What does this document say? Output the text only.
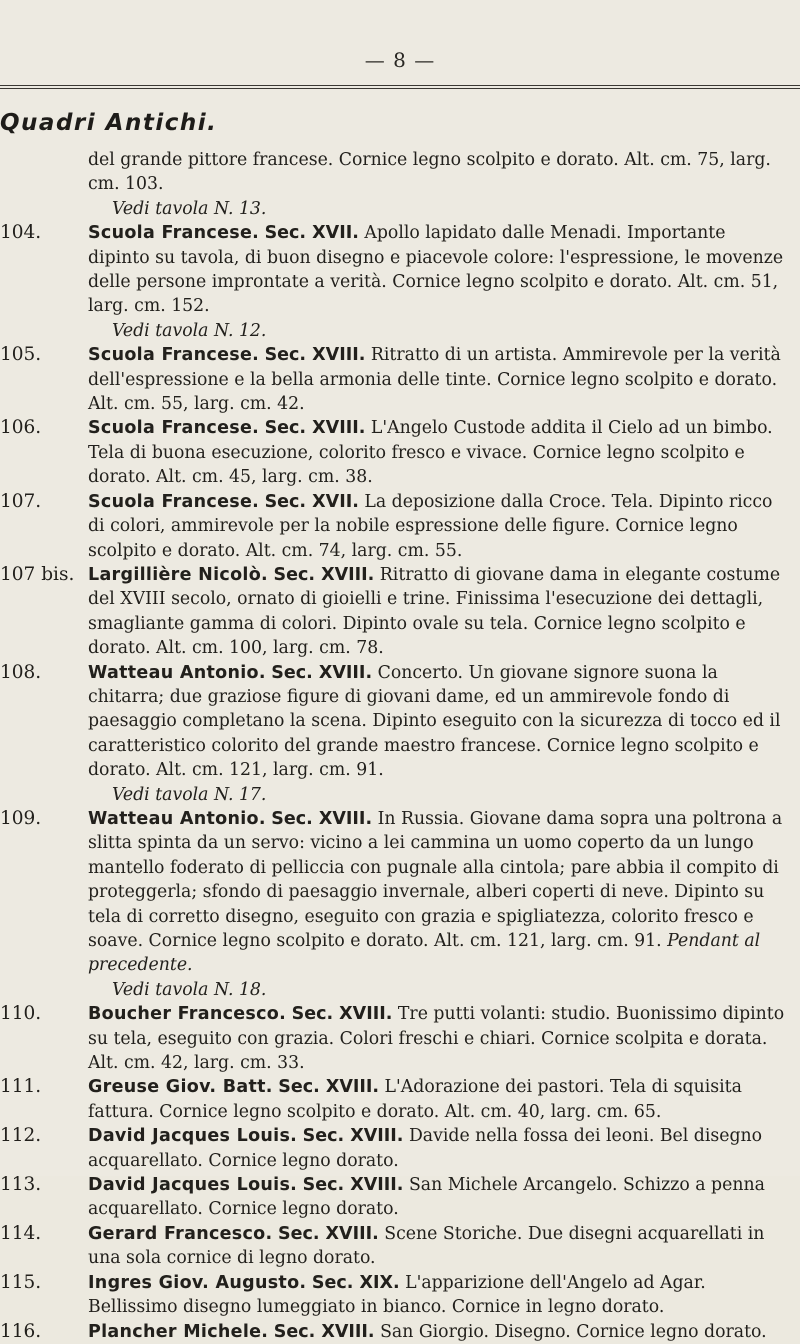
— 8 —
Quadri Antichi.
del grande pittore francese. Cornice legno scolpito e dorato. Alt. cm. 75, larg. cm. 103.
Vedi tavola N. 13.
104.	Scuola Francese. Sec. XVII. Apollo lapidato dalle Menadi. Importante dipinto su tavola, di buon disegno e piacevole colore: l'espressione, le movenze delle persone improntate a verità. Cornice legno scolpito e dorato. Alt. cm. 51, larg. cm. 152.
Vedi tavola N. 12.
105.	Scuola Francese. Sec. XVIII. Ritratto di un artista. Ammirevole per la verità dell'espressione e la bella armonia delle tinte. Cornice legno scolpito e dorato. Alt. cm. 55, larg. cm. 42.
106.	Scuola Francese. Sec. XVIII. L'Angelo Custode addita il Cielo ad un bimbo. Tela di buona esecuzione, colorito fresco e vivace. Cornice legno scolpito e dorato. Alt. cm. 45, larg. cm. 38.
107.	Scuola Francese. Sec. XVII. La deposizione dalla Croce. Tela. Dipinto ricco di colori, ammirevole per la nobile espressione delle figure. Cornice legno scolpito e dorato. Alt. cm. 74, larg. cm. 55.
107 bis. Largillière Nicolò. Sec. XVIII. Ritratto di giovane dama in elegante costume del XVIII secolo, ornato di gioielli e trine. Finissima l'esecuzione dei dettagli, smagliante gamma di colori. Dipinto ovale su tela. Cornice legno scolpito e dorato. Alt. cm. 100, larg. cm. 78.
108.	Watteau Antonio. Sec. XVIII. Concerto. Un giovane signore suona la chitarra; due graziose figure di giovani dame, ed un ammirevole fondo di paesaggio completano la scena. Dipinto eseguito con la sicurezza di tocco ed il caratteristico colorito del grande maestro francese. Cornice legno scolpito e dorato. Alt. cm. 121, larg. cm. 91.
Vedi tavola N. 17.
109.	Watteau Antonio. Sec. XVIII. In Russia. Giovane dama sopra una poltrona a slitta spinta da un servo: vicino a lei cammina un uomo coperto da un lungo mantello foderato di pelliccia con pugnale alla cintola; pare abbia il compito di proteggerla; sfondo di paesaggio invernale, alberi coperti di neve. Dipinto su tela di corretto disegno, eseguito con grazia e spigliatezza, colorito fresco e soave. Cornice legno scolpito e dorato. Alt. cm. 121, larg. cm. 91. Pendant al precedente.
Vedi tavola N. 18.
110.	Boucher Francesco. Sec. XVIII. Tre putti volanti: studio. Buonissimo dipinto su tela, eseguito con grazia. Colori freschi e chiari. Cornice scolpita e dorata. Alt. cm. 42, larg. cm. 33.
111.	Greuse Giov. Batt. Sec. XVIII. L'Adorazione dei pastori. Tela di squisita fattura. Cornice legno scolpito e dorato. Alt. cm. 40, larg. cm. 65.
112.	David Jacques Louis. Sec. XVIII. Davide nella fossa dei leoni. Bel disegno acquarellato. Cornice legno dorato.
113.	David Jacques Louis. Sec. XVIII. San Michele Arcangelo. Schizzo a penna acquarellato. Cornice legno dorato.
114.	Gerard Francesco. Sec. XVIII. Scene Storiche. Due disegni acquarellati in una sola cornice di legno dorato.
115.	Ingres Giov. Augusto. Sec. XIX. L'apparizione dell'Angelo ad Agar. Bellissimo disegno lumeggiato in bianco. Cornice in legno dorato.
116.	Plancher Michele. Sec. XVIII. San Giorgio. Disegno. Cornice legno dorato.
